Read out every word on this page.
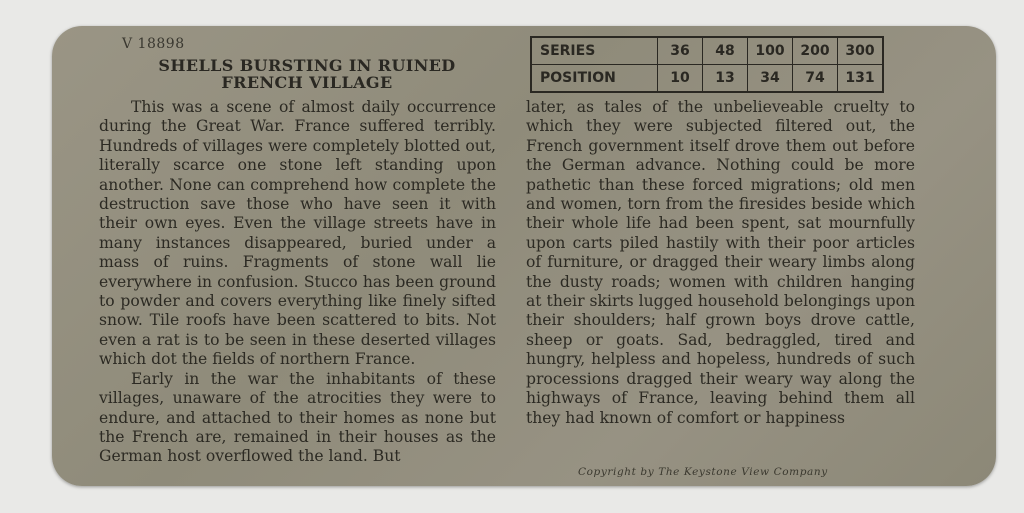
V 18898
SHELLS BURSTING IN RUINED FRENCH VILLAGE
SERIES	36	48	100	200	300
POSITION	10	13	34	74	131

This was a scene of almost daily occurrence during the Great War. France suffered terribly. Hundreds of villages were completely blotted out, literally scarce one stone left standing upon another. None can comprehend how complete the destruction save those who have seen it with their own eyes. Even the village streets have in many instances disappeared, buried under a mass of ruins. Fragments of stone wall lie everywhere in confusion. Stucco has been ground to powder and covers everything like finely sifted snow. Tile roofs have been scattered to bits. Not even a rat is to be seen in these deserted villages which dot the fields of northern France.

Early in the war the inhabitants of these villages, unaware of the atrocities they were to endure, and attached to their homes as none but the French are, remained in their houses as the German host overflowed the land. But

later, as tales of the unbelieveable cruelty to which they were subjected filtered out, the French government itself drove them out before the German advance. Nothing could be more pathetic than these forced migrations; old men and women, torn from the firesides beside which their whole life had been spent, sat mournfully upon carts piled hastily with their poor articles of furniture, or dragged their weary limbs along the dusty roads; women with children hanging at their skirts lugged household belongings upon their shoulders; half grown boys drove cattle, sheep or goats. Sad, bedraggled, tired and hungry, helpless and hopeless, hundreds of such processions dragged their weary way along the highways of France, leaving behind them all they had known of comfort or happiness

Copyright by The Keystone View Company
